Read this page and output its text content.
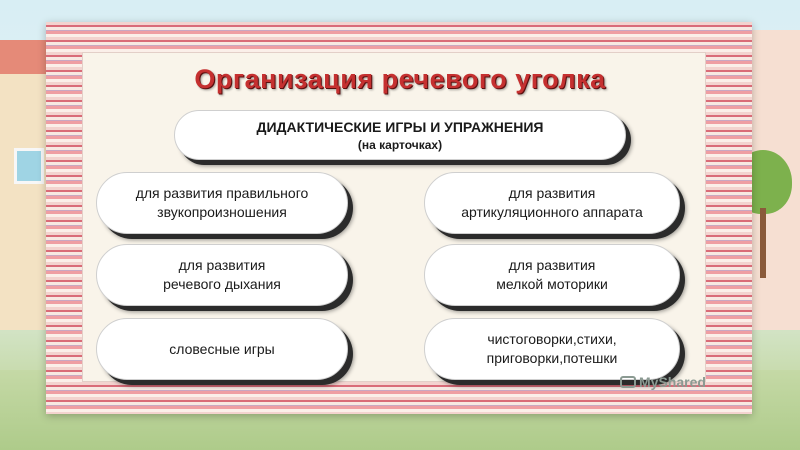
Организация речевого уголка
ДИДАКТИЧЕСКИЕ ИГРЫ И УПРАЖНЕНИЯ
(на карточках)
для развития правильного
звукопроизношения
для развития
артикуляционного аппарата
для развития
речевого дыхания
для развития
мелкой моторики
словесные игры
чистоговорки,стихи,
приговорки,потешки
MyShared
